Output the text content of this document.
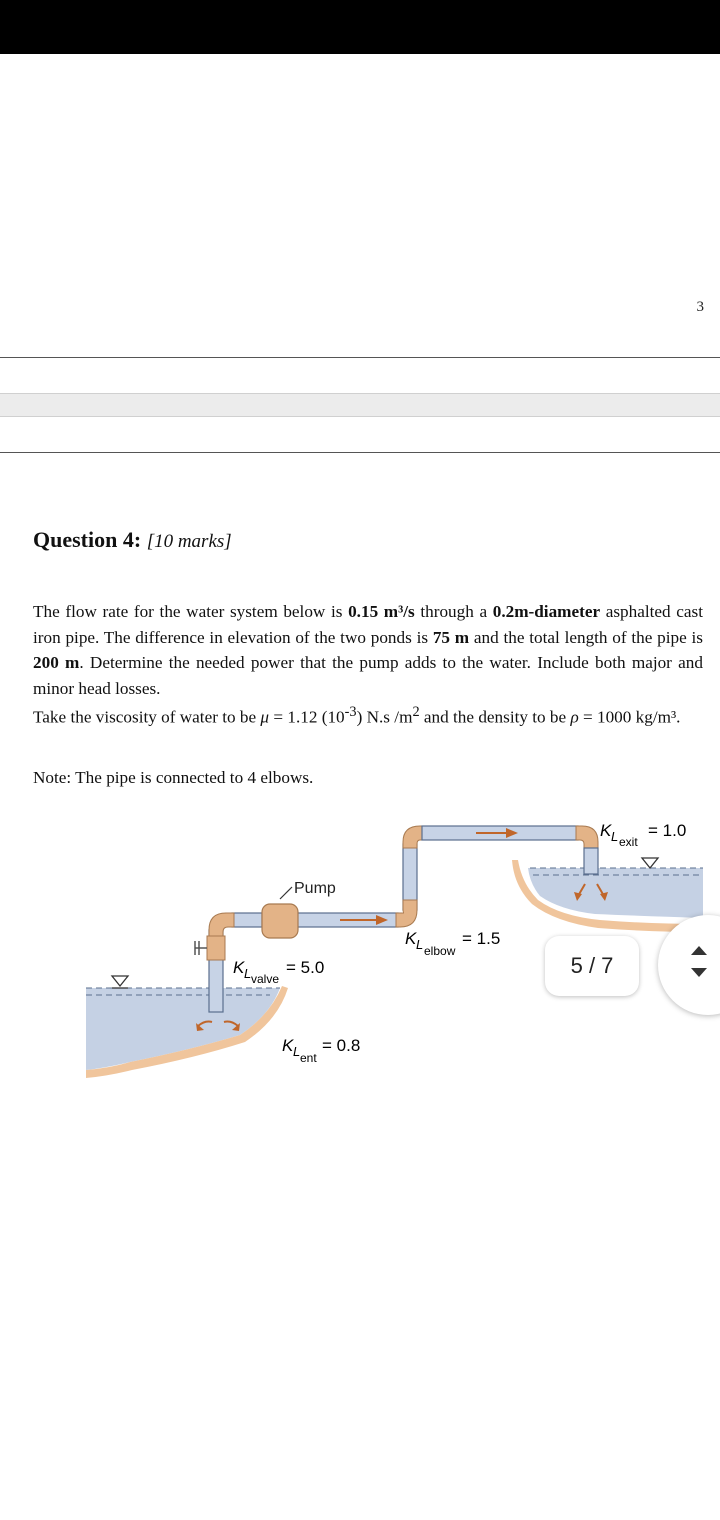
3
Question 4: [10 marks]

The flow rate for the water system below is 0.15 m³/s through a 0.2m-diameter asphalted cast iron pipe. The difference in elevation of the two ponds is 75 m and the total length of the pipe is 200 m. Determine the needed power that the pump adds to the water. Include both major and minor head losses.

Take the viscosity of water to be μ = 1.12 $(10^{-3})$ N.s $/m^2$ and the density to be ρ = 1000 kg/m³.

Note: The pipe is connected to 4 elbows.
Pump
K L exit
= 1.0
K L elbow
= 1.5
K L valve
= 5.0
K L ent
= 0.8
5 / 7
